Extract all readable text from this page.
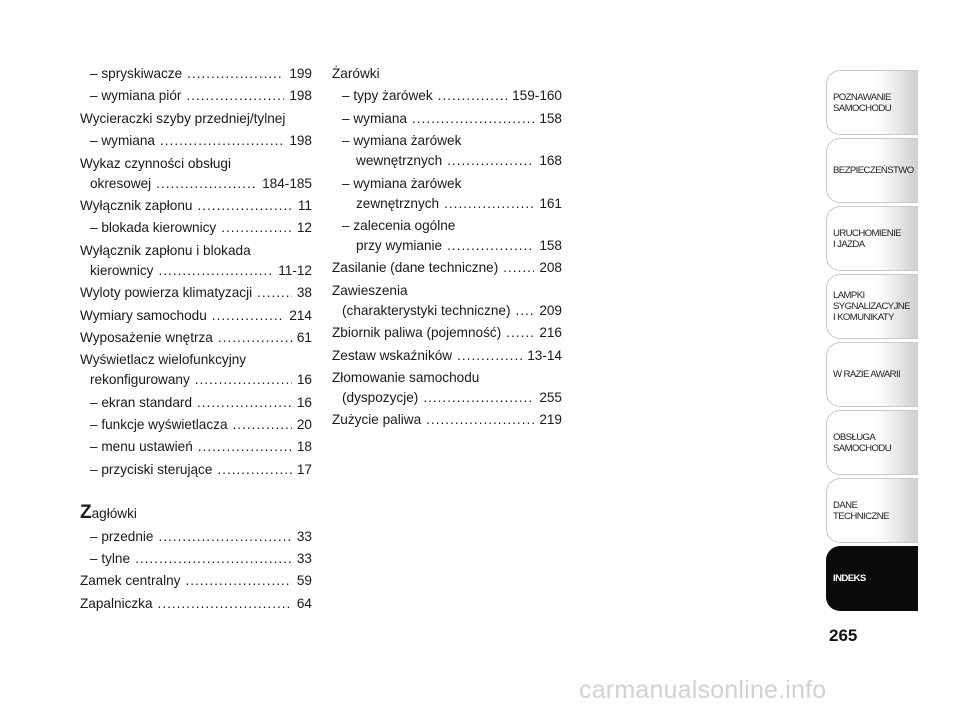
– spryskiwacze .....	199
– wymiana piór .....	198
Wycieraczki szyby przedniej/tylnej
– wymiana .....	198
Wykaz czynności obsługi
okresowej .....	184-185
Wyłącznik zapłonu .....	11
– blokada kierownicy .....	12
Wyłącznik zapłonu i blokada
kierownicy .....	11-12
Wyloty powierza klimatyzacji .....	38
Wymiary samochodu .....	214
Wyposażenie wnętrza .....	61
Wyświetlacz wielofunkcyjny
rekonfigurowany .....	16
– ekran standard .....	16
– funkcje wyświetlacza .....	20
– menu ustawień .....	18
– przyciski sterujące .....	17
Z agłówki
– przednie .....	33
– tylne .....	33
Zamek centralny .....	59
Zapalniczka .....	64
Żarówki
– typy żarówek .....	159-160
– wymiana .....	158
– wymiana żarówek
wewnętrznych .....	168
– wymiana żarówek
zewnętrznych .....	161
– zalecenia ogólne
przy wymianie .....	158
Zasilanie (dane techniczne) .....	208
Zawieszenia
(charakterystyki techniczne) ..... 209
Zbiornik paliwa (pojemność) .....	216
Zestaw wskaźników .....	13-14
Złomowanie samochodu
(dyspozycje) .....	255
Zużycie paliwa .....	219
POZNAWANIE
SAMOCHODU
BEZPIECZEŃSTWO
URUCHOMIENIE
I JAZDA
LAMPKI
SYGNALIZACYJNE
I KOMUNIKATY
W RAZIE AWARII
OBSŁUGA
SAMOCHODU
DANE
TECHNICZNE
INDEKS
265
carmanualsonline.info
